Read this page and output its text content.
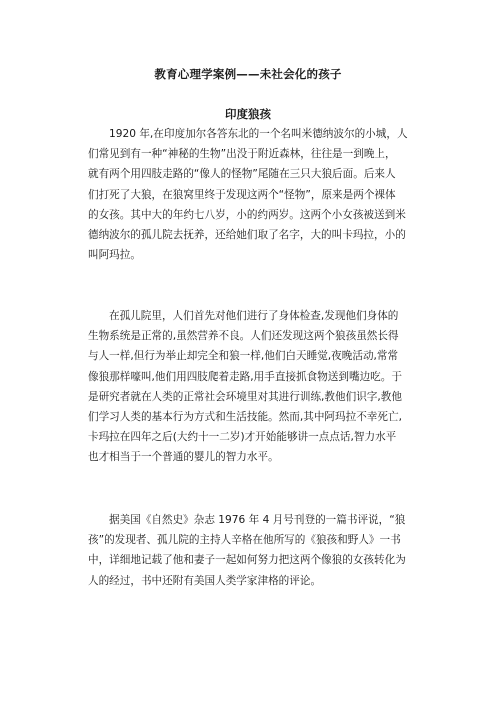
教育心理学案例——未社会化的孩子
印度狼孩
1920 年,在印度加尔各答东北的一个名叫米德纳波尔的小城，人
们常见到有一种“神秘的生物”出没于附近森林，往往是一到晚上，
就有两个用四肢走路的“像人的怪物”尾随在三只大狼后面。后来人
们打死了大狼，在狼窝里终于发现这两个“怪物”，原来是两个裸体
的女孩。其中大的年约七八岁，小的约两岁。这两个小女孩被送到米
德纳波尔的孤儿院去抚养，还给她们取了名字，大的叫卡玛拉，小的
叫阿玛拉。
在孤儿院里，人们首先对他们进行了身体检查,发现他们身体的
生物系统是正常的,虽然营养不良。人们还发现这两个狼孩虽然长得
与人一样,但行为举止却完全和狼一样,他们白天睡觉,夜晚活动,常常
像狼那样嚎叫,他们用四肢爬着走路,用手直接抓食物送到嘴边吃。于
是研究者就在人类的正常社会环境里对其进行训练,教他们识字,教他
们学习人类的基本行为方式和生活技能。然而,其中阿玛拉不幸死亡,
卡玛拉在四年之后(大约十一二岁)才开始能够讲一点点话,智力水平
也才相当于一个普通的婴儿的智力水平。
据美国《自然史》杂志 1976 年 4 月号刊登的一篇书评说，“狼
孩”的发现者、孤儿院的主持人辛格在他所写的《狼孩和野人》一书
中，详细地记载了他和妻子一起如何努力把这两个像狼的女孩转化为
人的经过，书中还附有美国人类学家津格的评论。
